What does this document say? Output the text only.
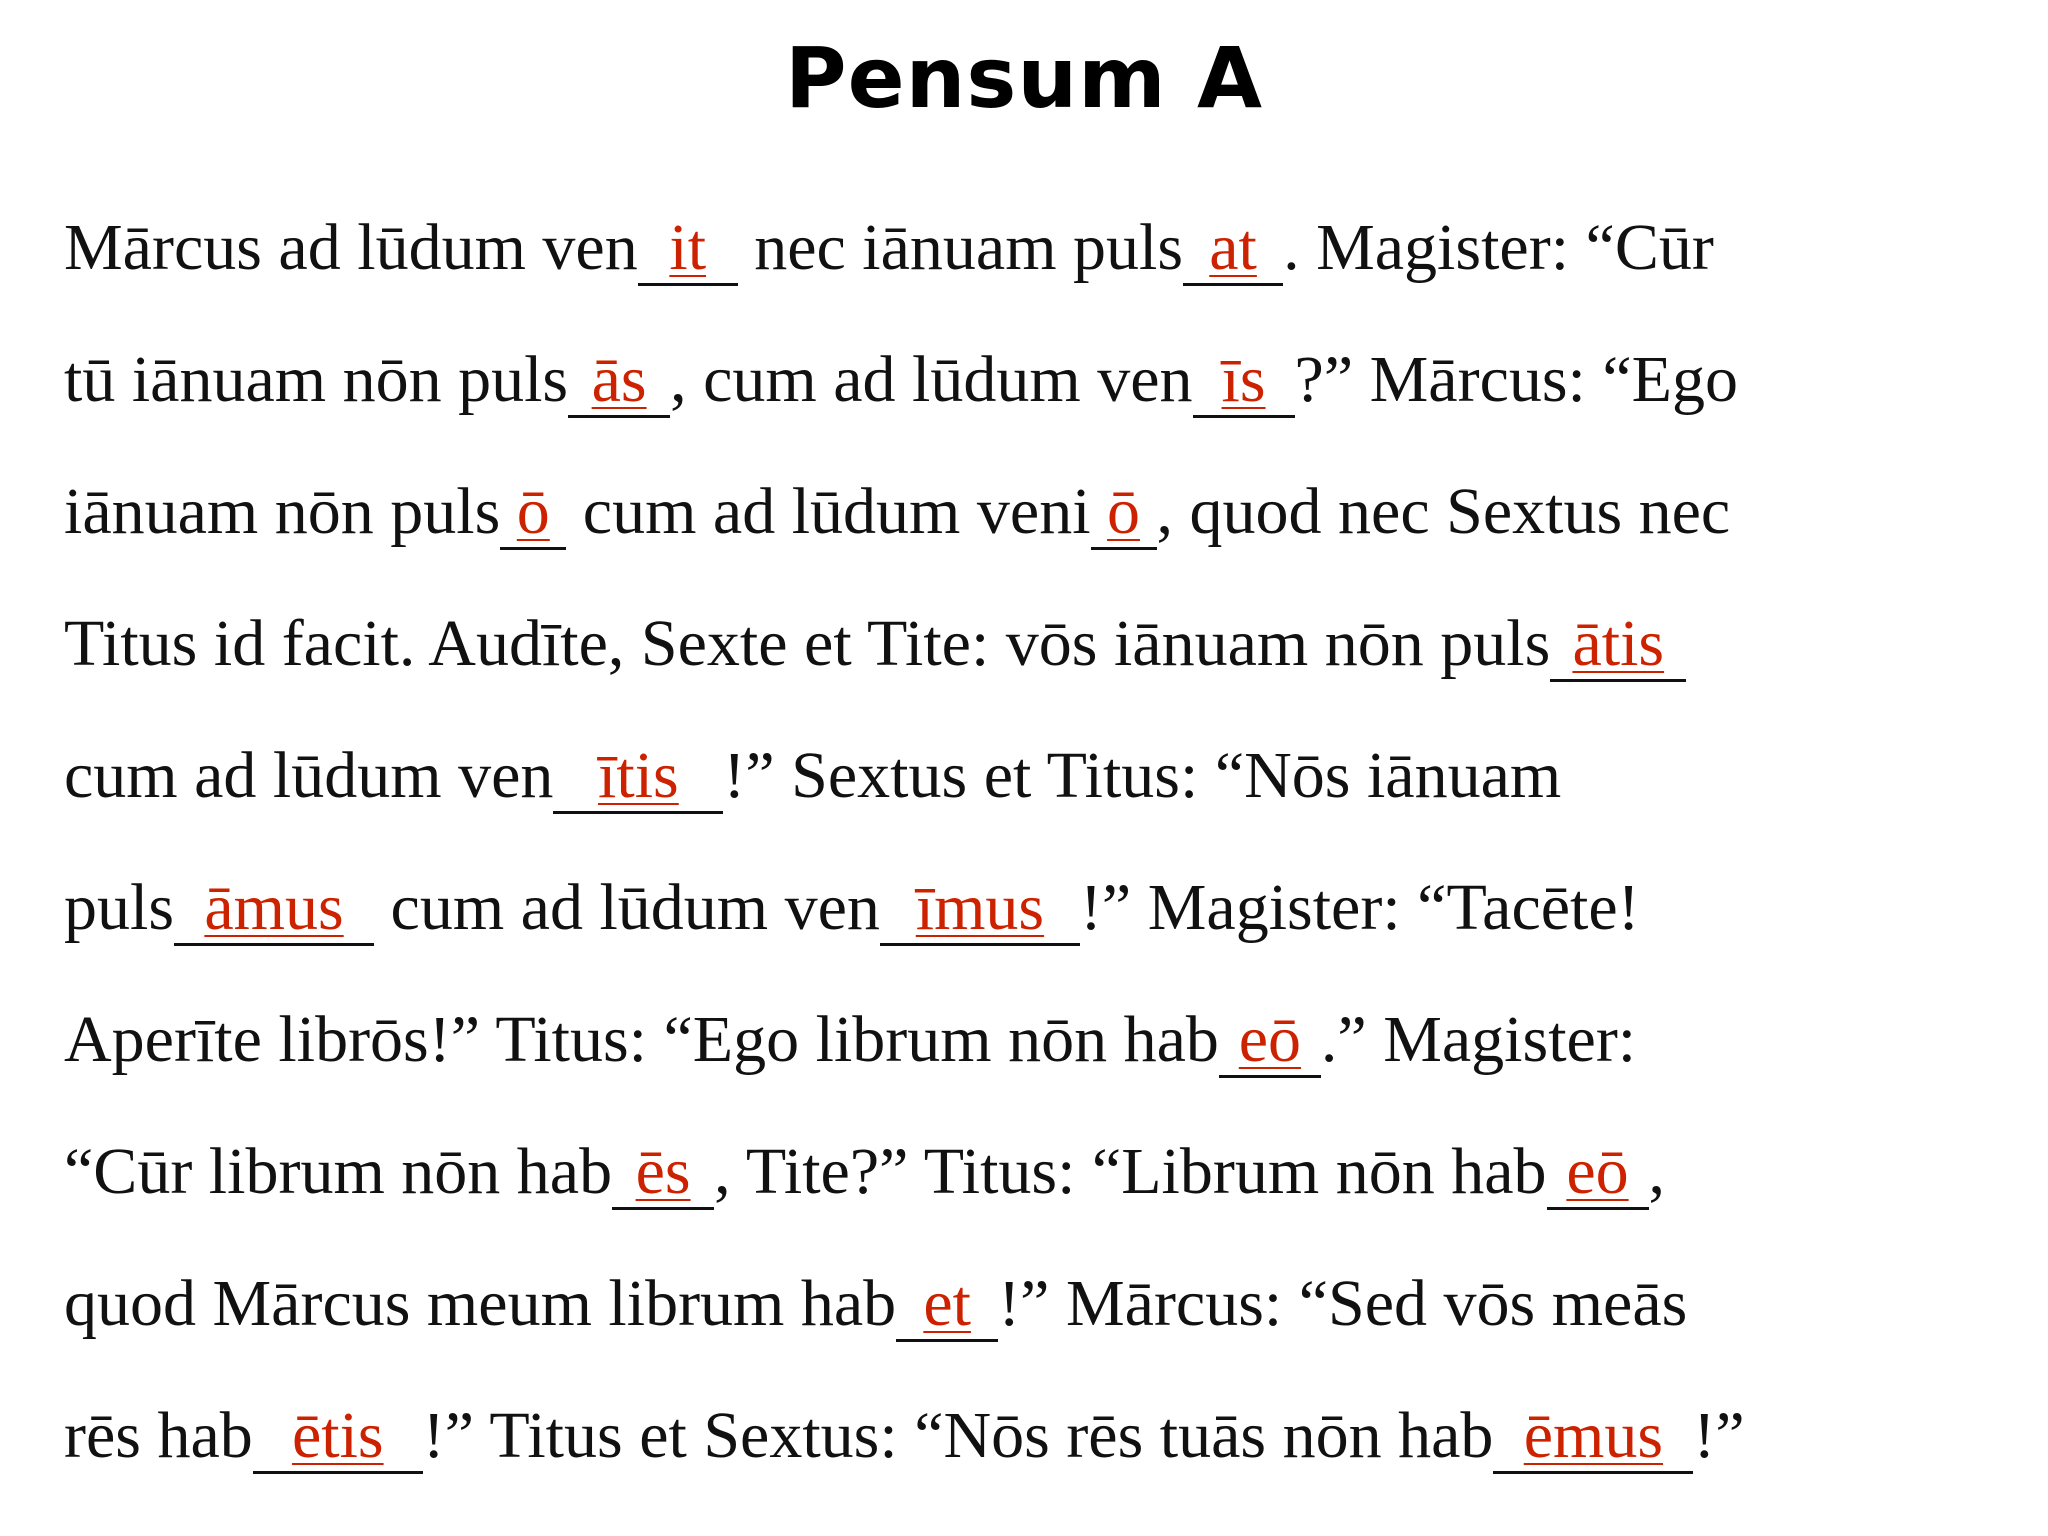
Pensum A
Mārcus ad lūdum ven it nec iānuam puls at . Magister: “Cūr
tū iānuam nōn puls ās , cum ad lūdum ven īs ?” Mārcus: “Ego
iānuam nōn puls ō cum ad lūdum veni ō , quod nec Sextus nec
Titus id facit. Audīte, Sexte et Tite: vōs iānuam nōn puls ātis
cum ad lūdum ven ītis !” Sextus et Titus: “Nōs iānuam
puls āmus cum ad lūdum ven īmus !” Magister: “Tacēte!
Aperīte librōs!” Titus: “Ego librum nōn hab eō .” Magister:
“Cūr librum nōn hab ēs , Tite?” Titus: “Librum nōn hab eō ,
quod Mārcus meum librum hab et !” Mārcus: “Sed vōs meās
rēs hab ētis !” Titus et Sextus: “Nōs rēs tuās nōn hab ēmus !”
